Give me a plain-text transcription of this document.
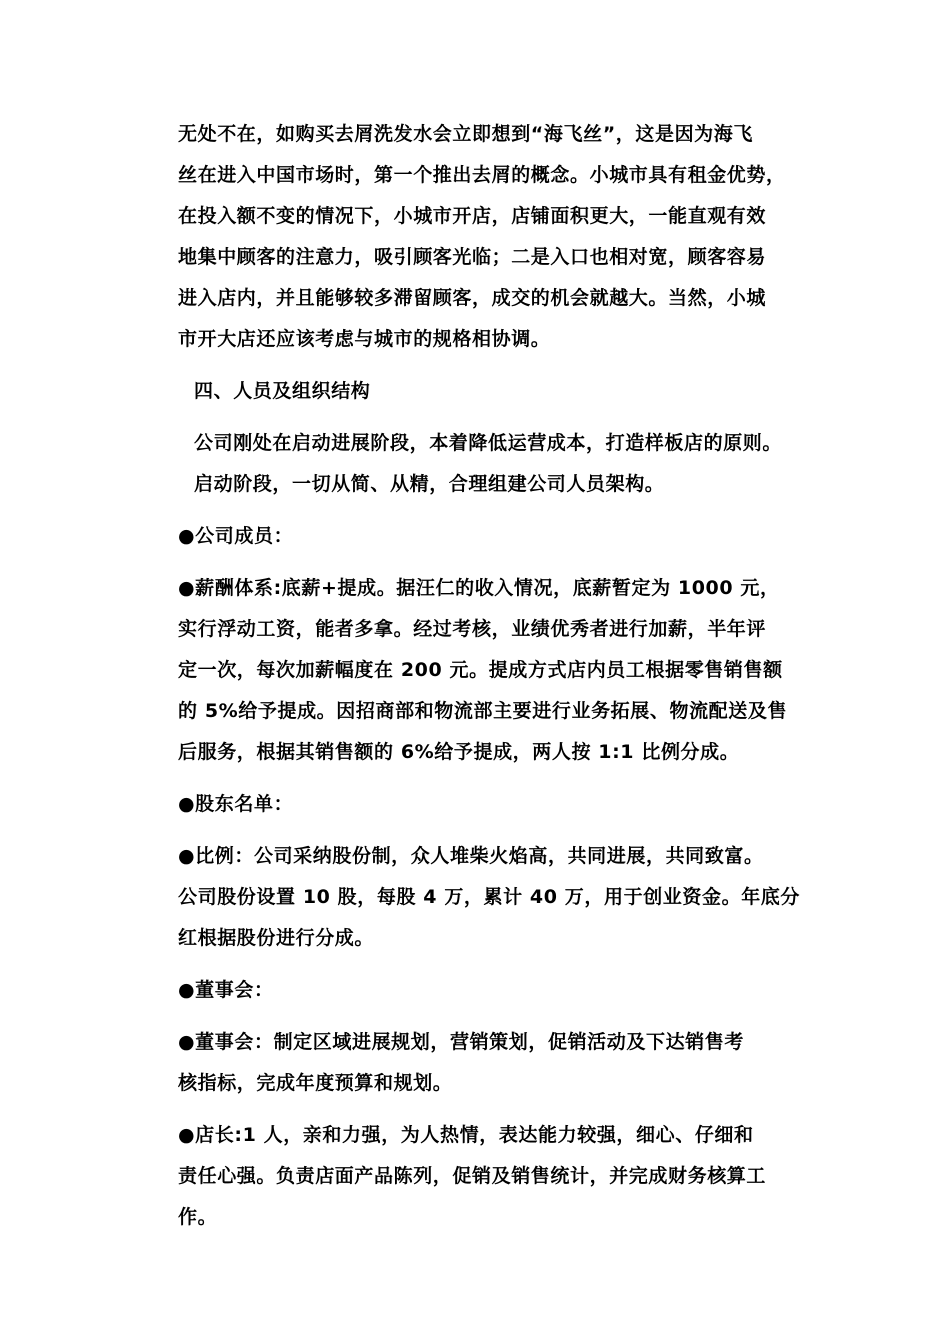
无处不在，如购买去屑洗发水会立即想到“海飞丝”，这是因为海飞
丝在进入中国市场时，第一个推出去屑的概念。小城市具有租金优势，
在投入额不变的情况下，小城市开店，店铺面积更大，一能直观有效
地集中顾客的注意力，吸引顾客光临；二是入口也相对宽，顾客容易
进入店内，并且能够较多滞留顾客，成交的机会就越大。当然，小城
市开大店还应该考虑与城市的规格相协调。

四、人员及组织结构

公司刚处在启动进展阶段，本着降低运营成本，打造样板店的原则。
启动阶段，一切从简、从精，合理组建公司人员架构。

●公司成员：

●薪酬体系:底薪+提成。据汪仁的收入情况，底薪暂定为 1000 元，
实行浮动工资，能者多拿。经过考核，业绩优秀者进行加薪，半年评
定一次，每次加薪幅度在 200 元。提成方式店内员工根据零售销售额
的 5%给予提成。因招商部和物流部主要进行业务拓展、物流配送及售
后服务，根据其销售额的 6%给予提成，两人按 1:1 比例分成。

●股东名单：

●比例：公司采纳股份制，众人堆柴火焰高，共同进展，共同致富。
公司股份设置 10 股，每股 4 万，累计 40 万，用于创业资金。年底分
红根据股份进行分成。

●董事会：

●董事会：制定区域进展规划，营销策划，促销活动及下达销售考
核指标，完成年度预算和规划。

●店长:1 人，亲和力强，为人热情，表达能力较强，细心、仔细和
责任心强。负责店面产品陈列，促销及销售统计，并完成财务核算工
作。
